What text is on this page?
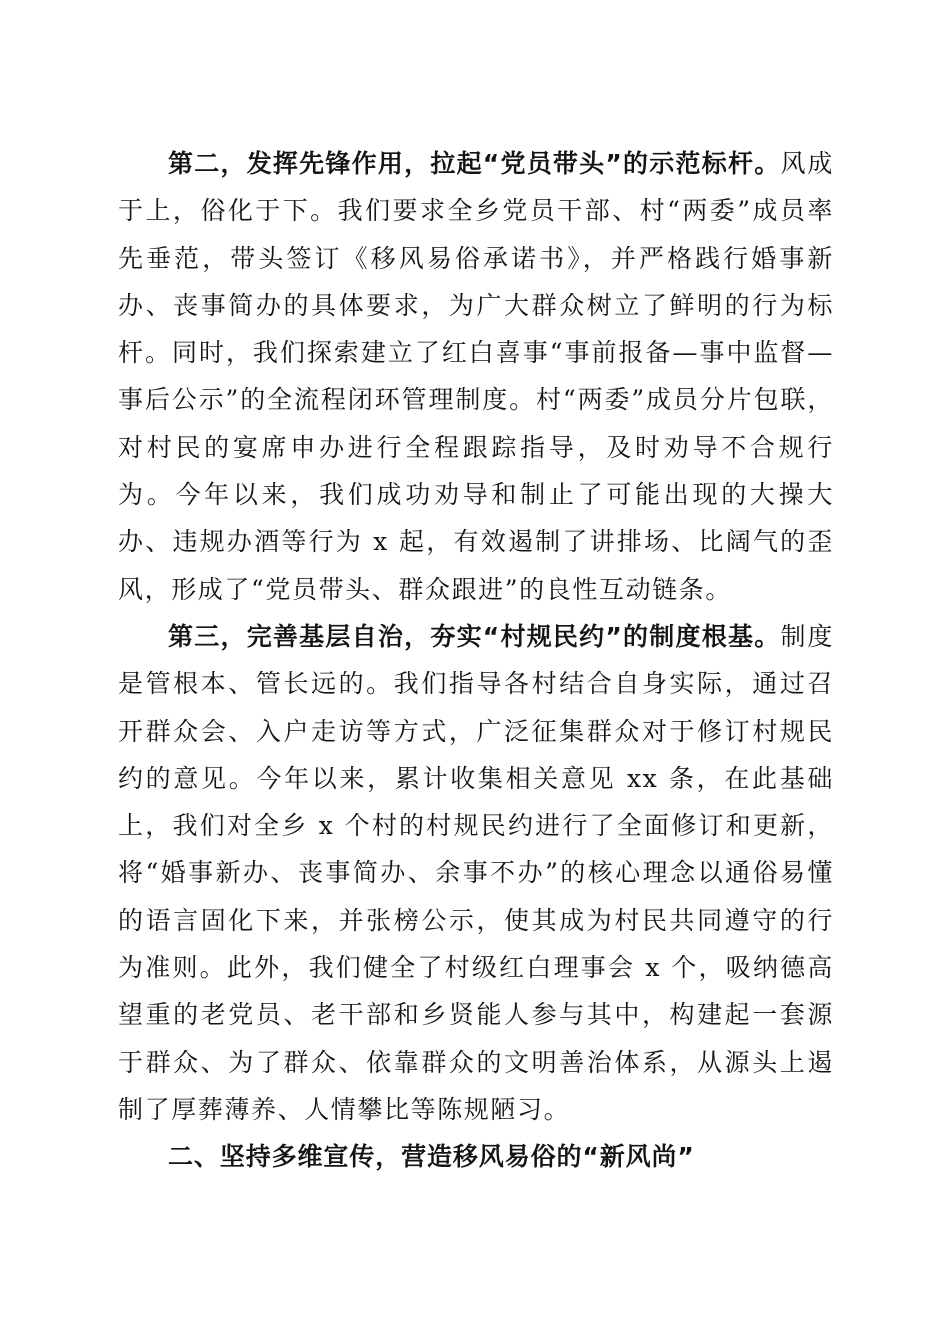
第二，发挥先锋作用，拉起“党员带头”的示范标杆。风成于上，俗化于下。我们要求全乡党员干部、村“两委”成员率先垂范，带头签订《移风易俗承诺书》，并严格践行婚事新办、丧事简办的具体要求，为广大群众树立了鲜明的行为标杆。同时，我们探索建立了红白喜事“事前报备—事中监督—事后公示”的全流程闭环管理制度。村“两委”成员分片包联，对村民的宴席申办进行全程跟踪指导，及时劝导不合规行为。今年以来，我们成功劝导和制止了可能出现的大操大办、违规办酒等行为 x 起，有效遏制了讲排场、比阔气的歪风，形成了“党员带头、群众跟进”的良性互动链条。

第三，完善基层自治，夯实“村规民约”的制度根基。制度是管根本、管长远的。我们指导各村结合自身实际，通过召开群众会、入户走访等方式，广泛征集群众对于修订村规民约的意见。今年以来，累计收集相关意见 xx 条，在此基础上，我们对全乡 x 个村的村规民约进行了全面修订和更新，将“婚事新办、丧事简办、余事不办”的核心理念以通俗易懂的语言固化下来，并张榜公示，使其成为村民共同遵守的行为准则。此外，我们健全了村级红白理事会 x 个，吸纳德高望重的老党员、老干部和乡贤能人参与其中，构建起一套源于群众、为了群众、依靠群众的文明善治体系，从源头上遏制了厚葬薄养、人情攀比等陈规陋习。

二、坚持多维宣传，营造移风易俗的“新风尚”
